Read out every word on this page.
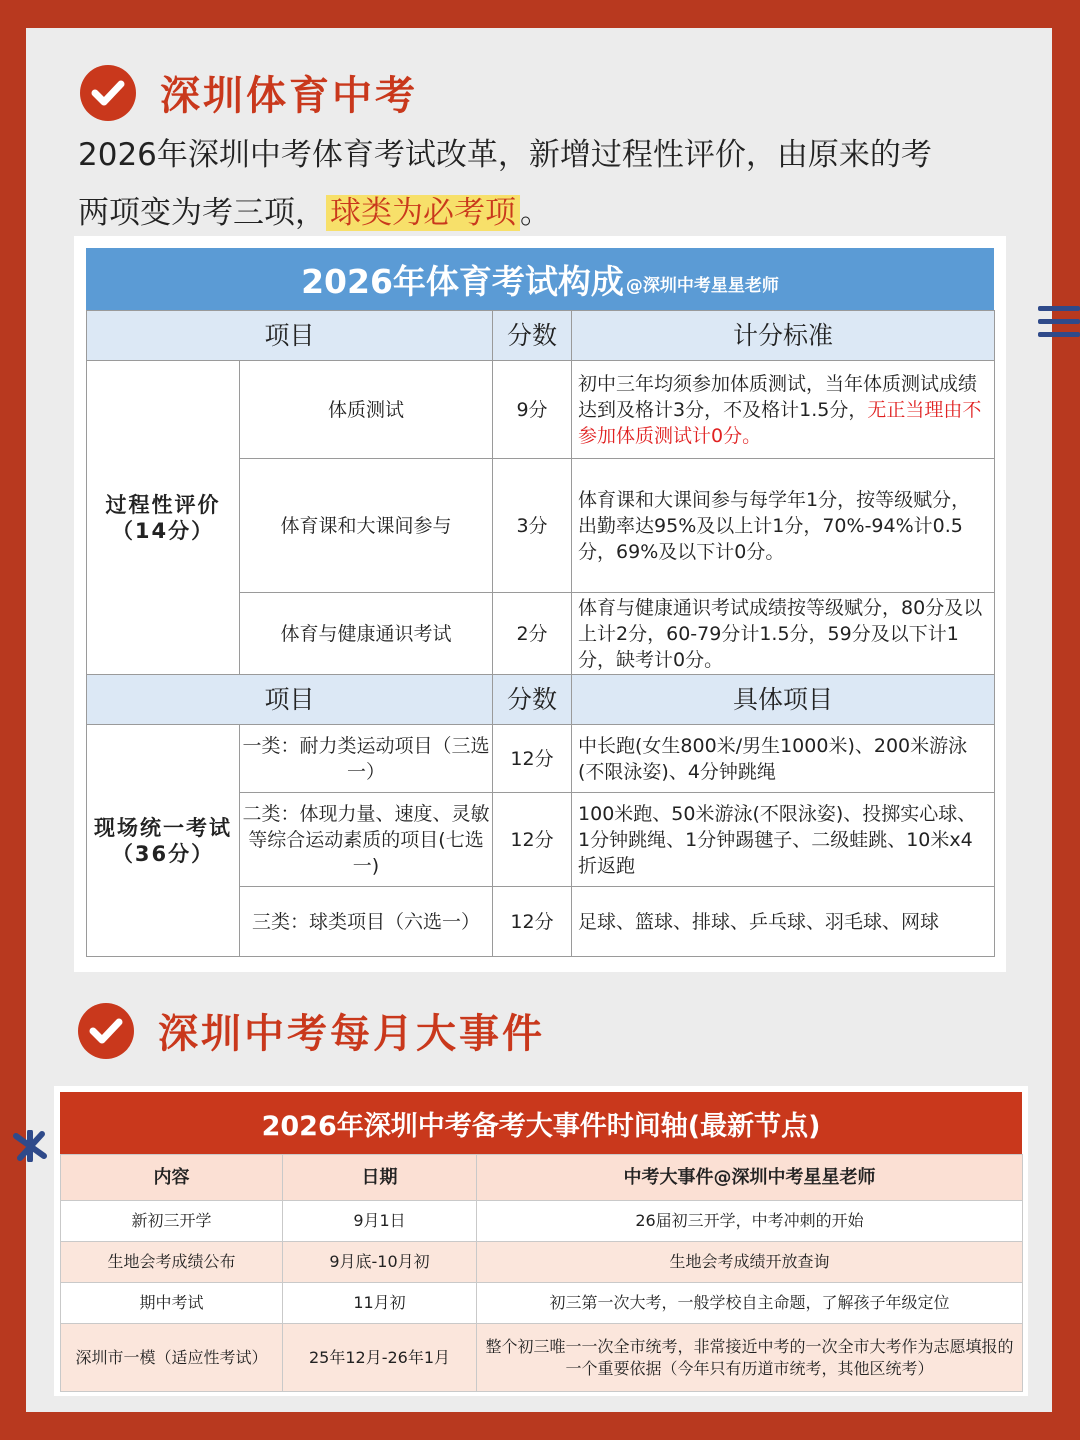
深圳体育中考
2026年深圳中考体育考试改革，新增过程性评价，由原来的考
两项变为考三项， 球类为必考项 。
2026年体育考试构成 @深圳中考星星老师
项目		分数	计分标准

过程性评价
（14分）	体质测试	9分	初中三年均须参加体质测试，当年体质测试成绩达到及格计3分，不及格计1.5分，无正当理由不参加体质测试计0分。
	体育课和大课间参与	3分	体育课和大课间参与每学年1分，按等级赋分，出勤率达95%及以上计1分，70%-94%计0.5分，69%及以下计0分。
	体育与健康通识考试	2分	体育与健康通识考试成绩按等级赋分，80分及以上计2分，60-79分计1.5分，59分及以下计1分，缺考计0分。
项目		分数	具体项目

现场统一考试
（36分）	一类：耐力类运动项目（三选一）	12分	中长跑(女生800米/男生1000米)、200米游泳(不限泳姿)、4分钟跳绳
	二类：体现力量、速度、灵敏等综合运动素质的项目(七选一)	12分	100米跑、50米游泳(不限泳姿)、投掷实心球、1分钟跳绳、1分钟踢毽子、二级蛙跳、10米x4折返跑
	三类：球类项目（六选一）	12分	足球、篮球、排球、乒乓球、羽毛球、网球
深圳中考每月大事件
2026年深圳中考备考大事件时间轴(最新节点)
内容	日期	中考大事件@深圳中考星星老师
新初三开学	9月1日	26届初三开学，中考冲刺的开始
生地会考成绩公布	9月底-10月初	生地会考成绩开放查询
期中考试	11月初	初三第一次大考，一般学校自主命题，了解孩子年级定位
深圳市一模（适应性考试）	25年12月-26年1月	整个初三唯一一次全市统考，非常接近中考的一次全市大考作为志愿填报的一个重要依据（今年只有历道市统考，其他区统考）
